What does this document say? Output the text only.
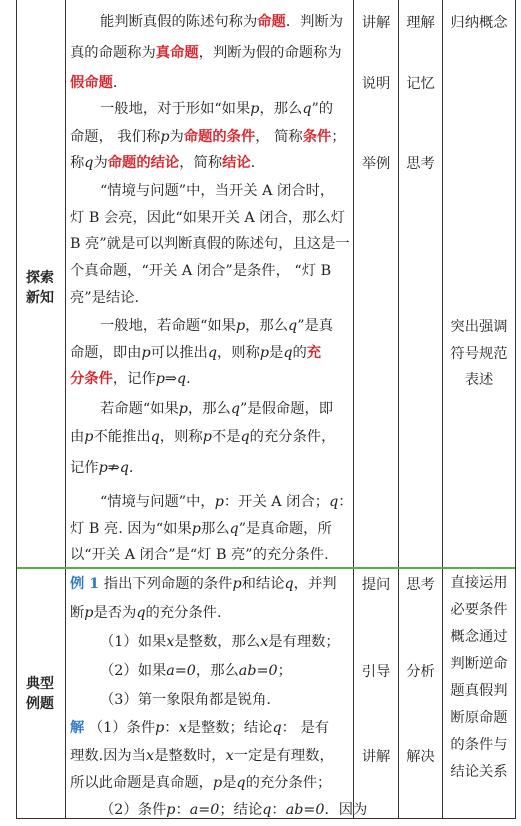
探索
新知
能判断真假的陈述句称为命题．判断为
真的命题称为真命题，判断为假的命题称为
假命题．
一般地，对于形如“如果p，那么q”的
命题， 我们称p为命题的条件， 简称条件；
称q为命题的结论，简称结论．
“情境与问题”中，当开关 A 闭合时，
灯 B 会亮，因此“如果开关 A 闭合，那么灯
B 亮”就是可以判断真假的陈述句，且这是一
个真命题，“开关 A 闭合”是条件， “灯 B
亮”是结论.
一般地，若命题“如果p，那么q”是真
命题，即由p可以推出q，则称p是q的充
分条件，记作p⇒q.
若命题“如果p，那么q”是假命题，即
由p不能推出q，则称p不是q的充分条件，
记作p⇏q.
“情境与问题”中，p：开关 A 闭合；q：
灯 B 亮. 因为“如果p那么q”是真命题，所
以“开关 A 闭合”是“灯 B 亮”的充分条件.
讲解
说明
举例
理解
记忆
思考
归纳概念
突出强调
符号规范
表述
典型
例题
例 1 指出下列命题的条件p和结论q，并判
断p是否为q的充分条件.
（1）如果x是整数，那么x是有理数；
（2）如果a=0，那么ab=0；
（3）第一象限角都是锐角.
解 （1）条件p：x是整数；结论q： 是有
理数.因为当x是整数时，x一定是有理数，
所以此命题是真命题，p是q的充分条件；
（2）条件p：a=0；结论q：ab=0．因为
提问
引导
讲解
思考
分析
解决
直接运用
必要条件
概念通过
判断逆命
题真假判
断原命题
的条件与
结论关系
